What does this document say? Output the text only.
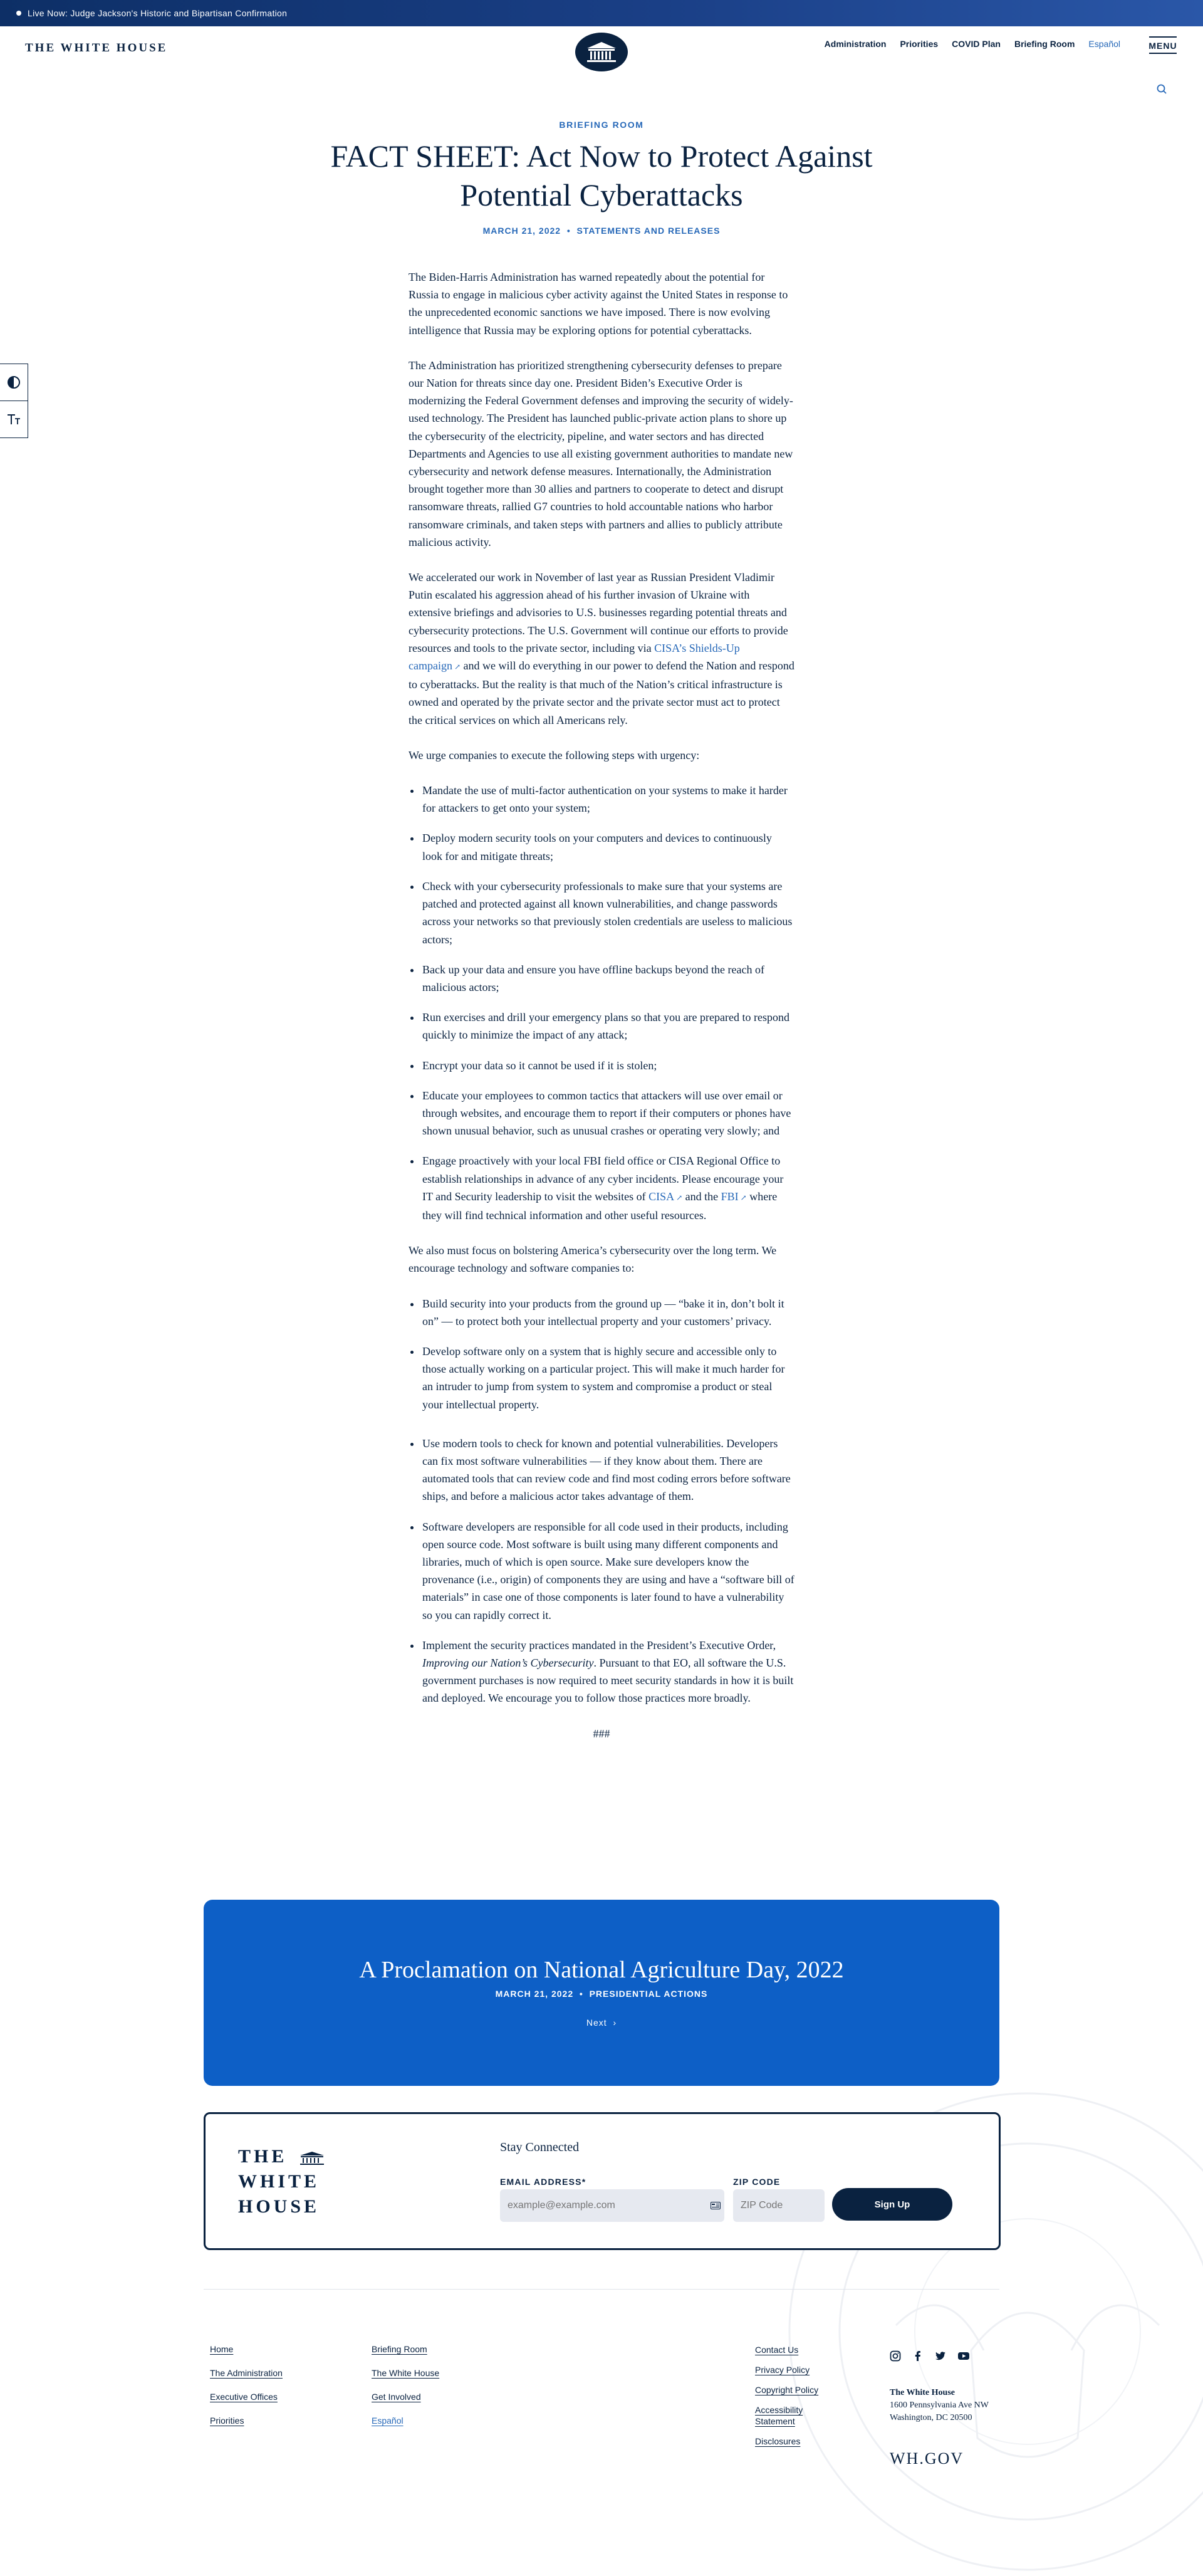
Live Now: Judge Jackson's Historic and Bipartisan Confirmation
THE WHITE HOUSE	Administration Priorities COVID Plan Briefing Room Español	MENU
BRIEFING ROOM
FACT SHEET: Act Now to Protect Against Potential Cyberattacks
MARCH 21, 2022  •  STATEMENTS AND RELEASES

The Biden-Harris Administration has warned repeatedly about the potential for Russia to engage in malicious cyber activity against the United States in response to the unprecedented economic sanctions we have imposed. There is now evolving intelligence that Russia may be exploring options for potential cyberattacks.

The Administration has prioritized strengthening cybersecurity defenses to prepare our Nation for threats since day one. President Biden’s Executive Order is modernizing the Federal Government defenses and improving the security of widely-used technology. The President has launched public-private action plans to shore up the cybersecurity of the electricity, pipeline, and water sectors and has directed Departments and Agencies to use all existing government authorities to mandate new cybersecurity and network defense measures. Internationally, the Administration brought together more than 30 allies and partners to cooperate to detect and disrupt ransomware threats, rallied G7 countries to hold accountable nations who harbor ransomware criminals, and taken steps with partners and allies to publicly attribute malicious activity.

We accelerated our work in November of last year as Russian President Vladimir Putin escalated his aggression ahead of his further invasion of Ukraine with extensive briefings and advisories to U.S. businesses regarding potential threats and cybersecurity protections. The U.S. Government will continue our efforts to provide resources and tools to the private sector, including via CISA’s Shields-Up campaign ↗ and we will do everything in our power to defend the Nation and respond to cyberattacks. But the reality is that much of the Nation’s critical infrastructure is owned and operated by the private sector and the private sector must act to protect the critical services on which all Americans rely.

We urge companies to execute the following steps with urgency:

• Mandate the use of multi-factor authentication on your systems to make it harder for attackers to get onto your system;
• Deploy modern security tools on your computers and devices to continuously look for and mitigate threats;
• Check with your cybersecurity professionals to make sure that your systems are patched and protected against all known vulnerabilities, and change passwords across your networks so that previously stolen credentials are useless to malicious actors;
• Back up your data and ensure you have offline backups beyond the reach of malicious actors;
• Run exercises and drill your emergency plans so that you are prepared to respond quickly to minimize the impact of any attack;
• Encrypt your data so it cannot be used if it is stolen;
• Educate your employees to common tactics that attackers will use over email or through websites, and encourage them to report if their computers or phones have shown unusual behavior, such as unusual crashes or operating very slowly; and
• Engage proactively with your local FBI field office or CISA Regional Office to establish relationships in advance of any cyber incidents. Please encourage your IT and Security leadership to visit the websites of CISA ↗ and the FBI ↗ where they will find technical information and other useful resources.

We also must focus on bolstering America’s cybersecurity over the long term. We encourage technology and software companies to:

• Build security into your products from the ground up — “bake it in, don’t bolt it on” — to protect both your intellectual property and your customers’ privacy.
• Develop software only on a system that is highly secure and accessible only to those actually working on a particular project. This will make it much harder for an intruder to jump from system to system and compromise a product or steal your intellectual property.
• Use modern tools to check for known and potential vulnerabilities. Developers can fix most software vulnerabilities — if they know about them. There are automated tools that can review code and find most coding errors before software ships, and before a malicious actor takes advantage of them.
• Software developers are responsible for all code used in their products, including open source code. Most software is built using many different components and libraries, much of which is open source. Make sure developers know the provenance (i.e., origin) of components they are using and have a “software bill of materials” in case one of those components is later found to have a vulnerability so you can rapidly correct it.
• Implement the security practices mandated in the President’s Executive Order, Improving our Nation’s Cybersecurity. Pursuant to that EO, all software the U.S. government purchases is now required to meet security standards in how it is built and deployed. We encourage you to follow those practices more broadly.
###
A Proclamation on National Agriculture Day, 2022
MARCH 21, 2022  •  PRESIDENTIAL ACTIONS
Next  ›
THE
WHITE
HOUSE
Stay Connected
EMAIL ADDRESS*	ZIP CODE
example@example.com
ZIP Code
Sign Up
Home
The Administration
Executive Offices
Priorities
Briefing Room
The White House
Get Involved
Español
Contact Us
Privacy Policy
Copyright Policy
Accessibility Statement
Disclosures
The White House
1600 Pennsylvania Ave NW
Washington, DC 20500
WH.GOV
